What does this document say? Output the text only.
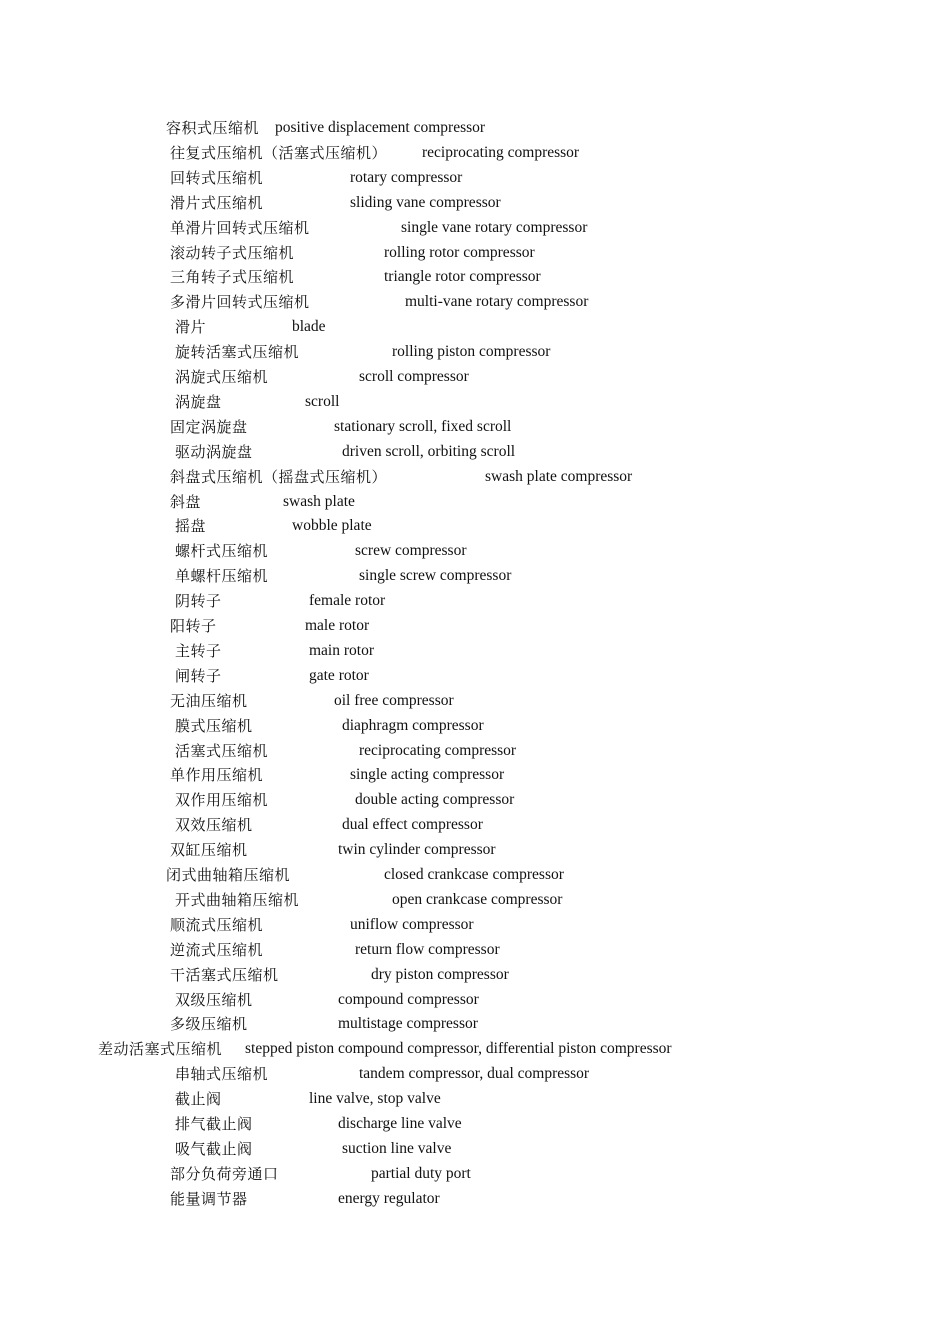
容积式压缩机 positive displacement compressor
往复式压缩机（活塞式压缩机） reciprocating compressor
回转式压缩机	rotary compressor
滑片式压缩机	sliding vane compressor
单滑片回转式压缩机	single vane rotary compressor
滚动转子式压缩机	rolling rotor compressor
三角转子式压缩机	triangle rotor compressor
多滑片回转式压缩机	multi-vane rotary compressor
滑片	blade
旋转活塞式压缩机	rolling piston compressor
涡旋式压缩机	scroll compressor
涡旋盘	scroll
固定涡旋盘	stationary scroll, fixed scroll
驱动涡旋盘	driven scroll, orbiting scroll
斜盘式压缩机（摇盘式压缩机）	swash plate compressor
斜盘	swash plate
摇盘	wobble plate
螺杆式压缩机	screw compressor
单螺杆压缩机	single screw compressor
阴转子	female rotor
阳转子	male rotor
主转子	main rotor
闸转子	gate rotor
无油压缩机	oil free compressor
膜式压缩机	diaphragm compressor
活塞式压缩机	reciprocating compressor
单作用压缩机	single acting compressor
双作用压缩机	double acting compressor
双效压缩机	dual effect compressor
双缸压缩机	twin cylinder compressor
闭式曲轴箱压缩机	closed crankcase compressor
开式曲轴箱压缩机	open crankcase compressor
顺流式压缩机	uniflow compressor
逆流式压缩机	return flow compressor
干活塞式压缩机	dry piston compressor
双级压缩机	compound compressor
多级压缩机	multistage compressor
差动活塞式压缩机 stepped piston compound compressor, differential piston compressor
串轴式压缩机	tandem compressor, dual compressor
截止阀	line valve, stop valve
排气截止阀	discharge line valve
吸气截止阀	suction line valve
部分负荷旁通口	partial duty port
能量调节器	energy regulator
